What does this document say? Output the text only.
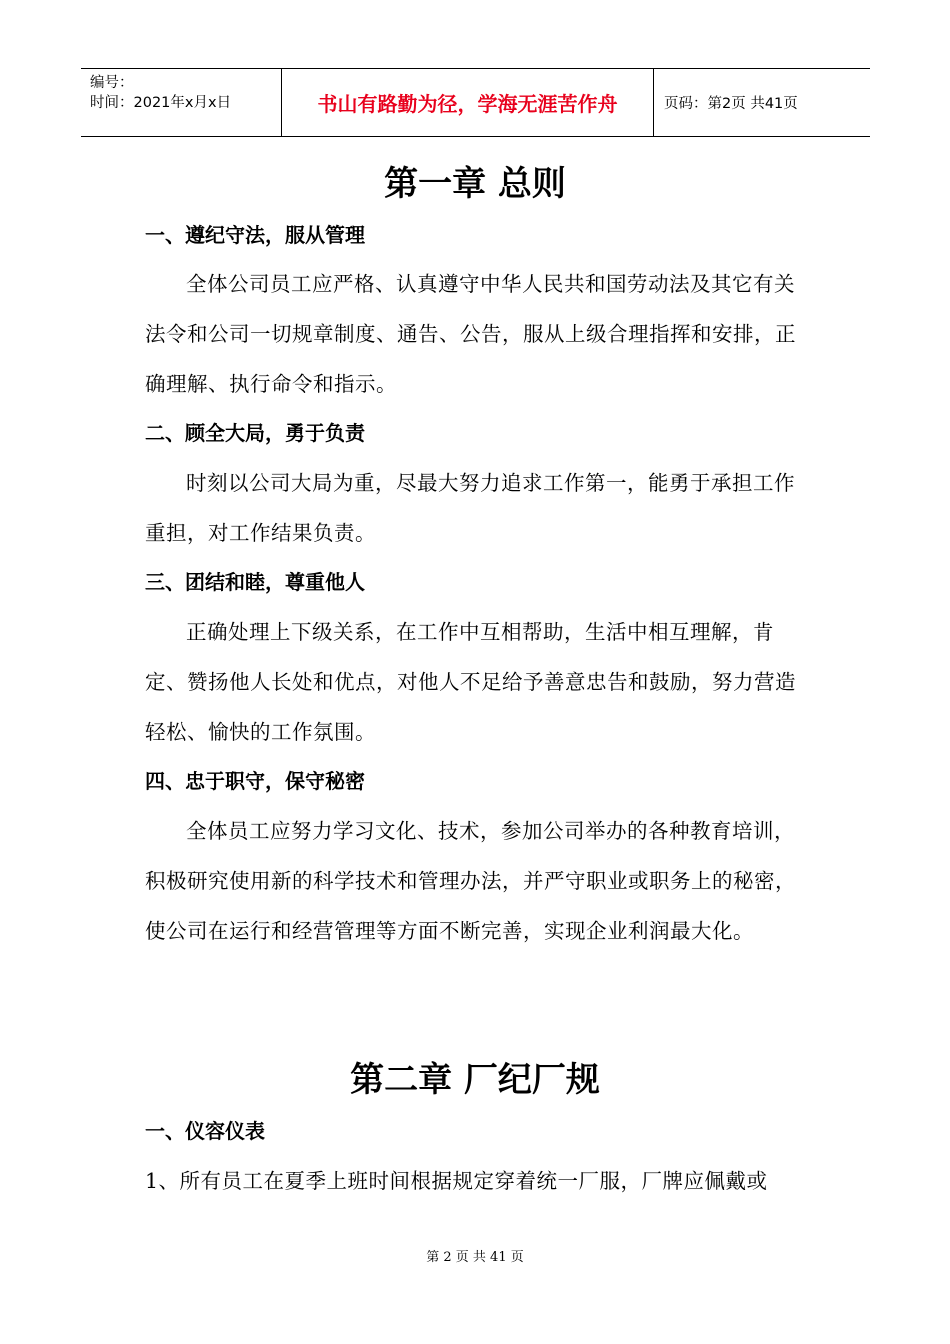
编号：
时间：2021年x月x日	书山有路勤为径，学海无涯苦作舟	页码：第2页 共41页
第一章 总则
一、遵纪守法，服从管理

全体公司员工应严格、认真遵守中华人民共和国劳动法及其它有关法令和公司一切规章制度、通告、公告，服从上级合理指挥和安排，正确理解、执行命令和指示。

二、顾全大局，勇于负责

时刻以公司大局为重，尽最大努力追求工作第一，能勇于承担工作重担，对工作结果负责。

三、团结和睦，尊重他人

正确处理上下级关系，在工作中互相帮助，生活中相互理解，肯定、赞扬他人长处和优点，对他人不足给予善意忠告和鼓励，努力营造轻松、愉快的工作氛围。

四、忠于职守，保守秘密

全体员工应努力学习文化、技术，参加公司举办的各种教育培训，积极研究使用新的科学技术和管理办法，并严守职业或职务上的秘密，使公司在运行和经营管理等方面不断完善，实现企业利润最大化。

第二章 厂纪厂规
一、仪容仪表

1、所有员工在夏季上班时间根据规定穿着统一厂服，厂牌应佩戴或

第 2 页 共 41 页
